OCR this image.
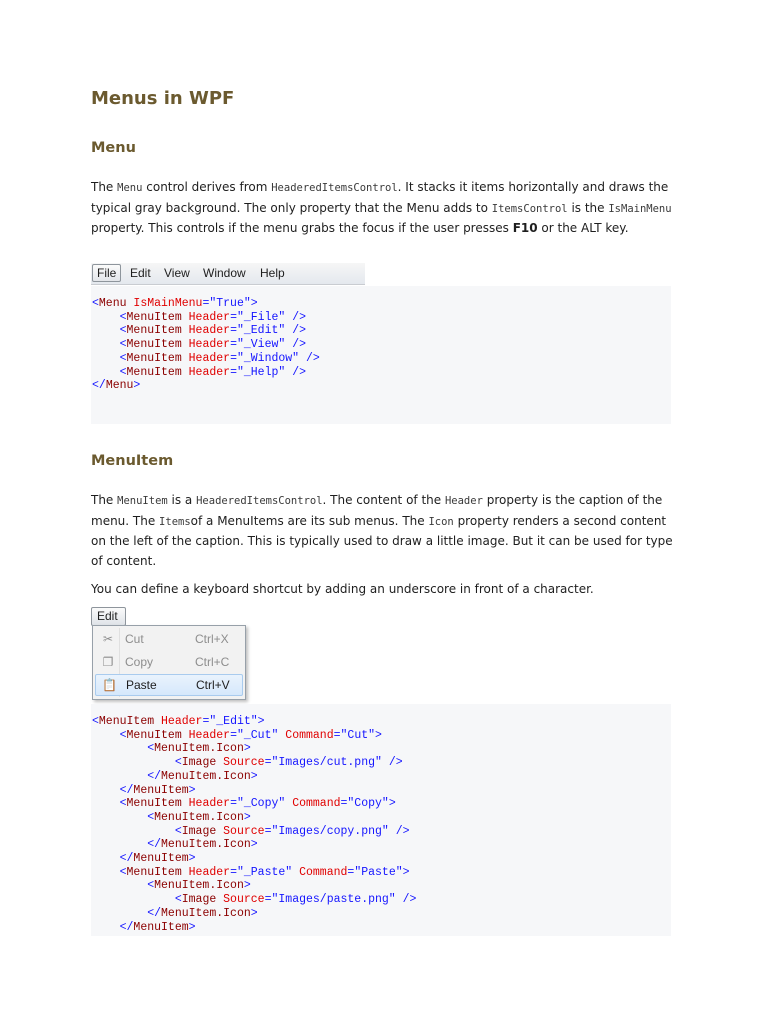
Menus in WPF
Menu

The Menu control derives from HeaderedItemsControl. It stacks it items horizontally and draws the typical gray background. The only property that the Menu adds to ItemsControl is the IsMainMenu property. This controls if the menu grabs the focus if the user presses F10 or the ALT key.

File	Edit View Window Help
<Menu IsMainMenu="True">
<MenuItem Header="_File" />
<MenuItem Header="_Edit" />
<MenuItem Header="_View" />
<MenuItem Header="_Window" />
<MenuItem Header="_Help" />
</Menu>
MenuItem

The MenuItem is a HeaderedItemsControl. The content of the Header property is the caption of the menu. The Itemsof a MenuItems are its sub menus. The Icon property renders a second content on the left of the caption. This is typically used to draw a little image. But it can be used for type of content.

You can define a keyboard shortcut by adding an underscore in front of a character.

Edit
✂ Cut	Ctrl+X
❐ Copy	Ctrl+C
📋 Paste	Ctrl+V
<MenuItem Header="_Edit">
<MenuItem Header="_Cut" Command="Cut">
<MenuItem.Icon>
<Image Source="Images/cut.png" />
</MenuItem.Icon>
</MenuItem>
<MenuItem Header="_Copy" Command="Copy">
<MenuItem.Icon>
<Image Source="Images/copy.png" />
</MenuItem.Icon>
</MenuItem>
<MenuItem Header="_Paste" Command="Paste">
<MenuItem.Icon>
<Image Source="Images/paste.png" />
</MenuItem.Icon>
</MenuItem>
